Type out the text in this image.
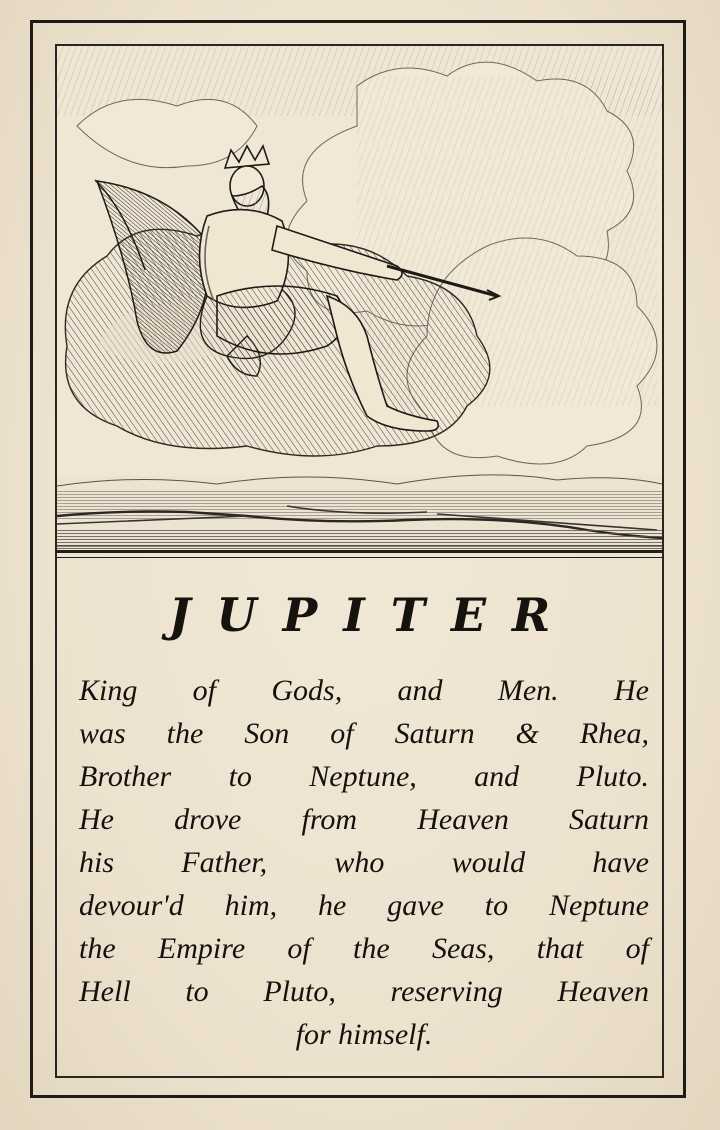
JUPITER
King of Gods, and Men. He
was the Son of Saturn & Rhea,
Brother to Neptune, and Pluto.
He drove from Heaven Saturn
his Father, who would have
devour'd him, he gave to Neptune
the Empire of the Seas, that of
Hell to Pluto, reserving Heaven
for himself.
